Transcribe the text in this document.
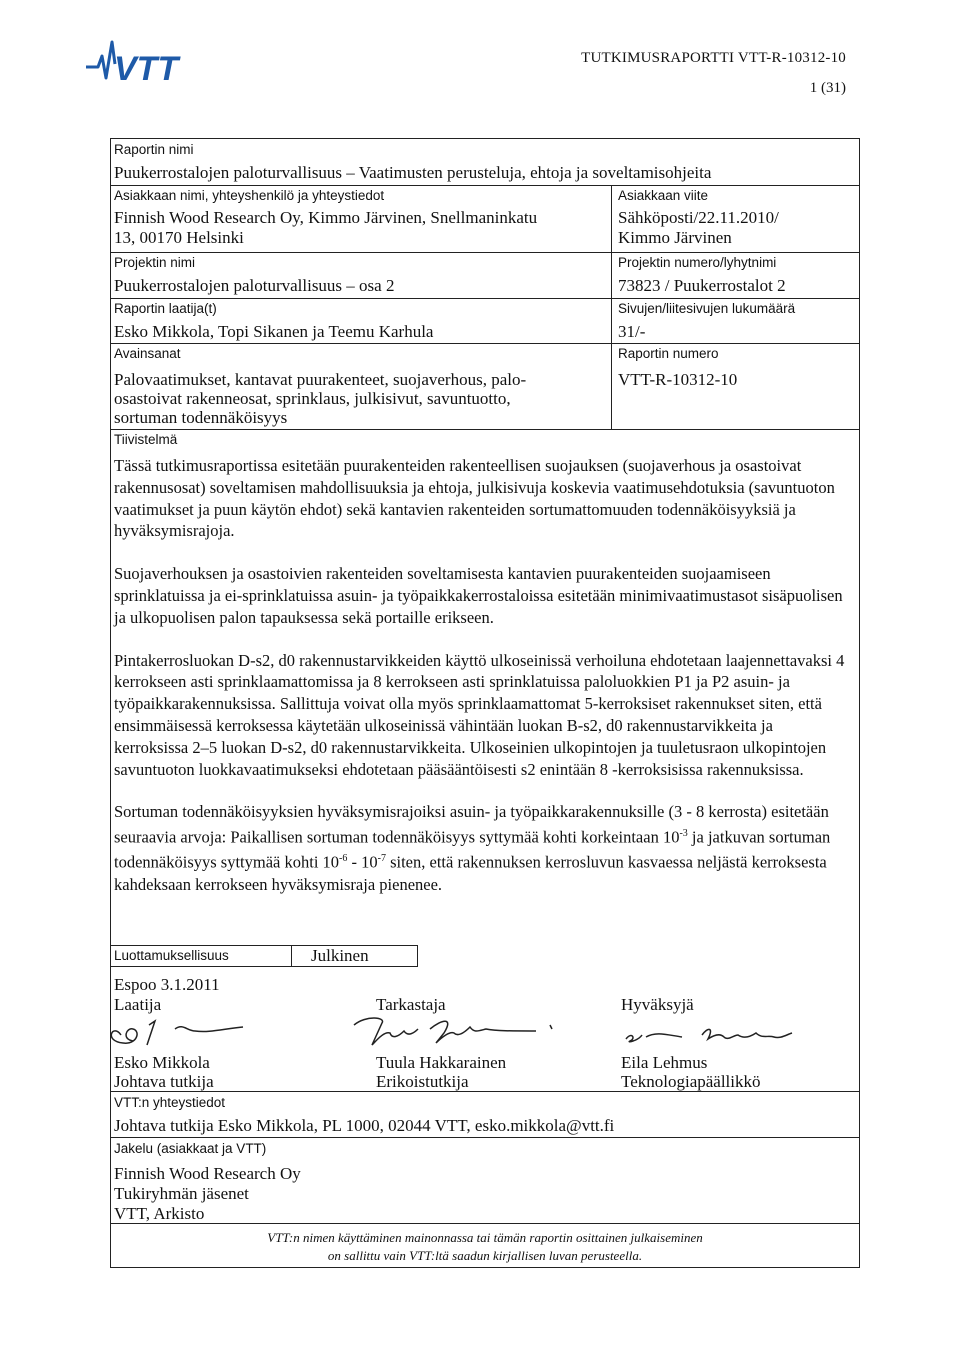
VTT	TUTKIMUSRAPORTTI VTT-R-10312-10
1 (31)
Raportin nimi
Puukerrostalojen paloturvallisuus – Vaatimusten perusteluja, ehtoja ja soveltamisohjeita
Asiakkaan nimi, yhteyshenkilö ja yhteystiedot
Finnish Wood Research Oy, Kimmo Järvinen, Snellmaninkatu
13, 00170 Helsinki
Asiakkaan viite
Sähköposti/22.11.2010/
Kimmo Järvinen
Projektin nimi
Puukerrostalojen paloturvallisuus – osa 2
Projektin numero/lyhytnimi
73823 / Puukerrostalot 2
Raportin laatija(t)
Esko Mikkola, Topi Sikanen ja Teemu Karhula
Sivujen/liitesivujen lukumäärä
31/-
Avainsanat
Palovaatimukset, kantavat puurakenteet, suojaverhous, palo-
osastoivat rakenneosat, sprinklaus, julkisivut, savuntuotto,
sortuman todennäköisyys
Raportin numero
VTT-R-10312-10
Tiivistelmä

Tässä tutkimusraportissa esitetään puurakenteiden rakenteellisen suojauksen (suojaverhous ja osastoivat rakennusosat) soveltamisen mahdollisuuksia ja ehtoja, julkisivuja koskevia vaatimusehdotuksia (savuntuoton vaatimukset ja puun käytön ehdot) sekä kantavien rakenteiden sortumattomuuden todennäköisyyksiä ja hyväksymisrajoja.

Suojaverhouksen ja osastoivien rakenteiden soveltamisesta kantavien puurakenteiden suojaamiseen sprinklatuissa ja ei-sprinklatuissa asuin- ja työpaikkakerrostaloissa esitetään minimivaatimustasot sisäpuolisen ja ulkopuolisen palon tapauksessa sekä portaille erikseen.

Pintakerrosluokan D-s2, d0 rakennustarvikkeiden käyttö ulkoseinissä verhoiluna ehdotetaan laajennettavaksi 4 kerrokseen asti sprinklaamattomissa ja 8 kerrokseen asti sprinklatuissa paloluokkien P1 ja P2 asuin- ja työpaikkarakennuksissa. Sallittuja voivat olla myös sprinklaamattomat 5-kerroksiset rakennukset siten, että ensimmäisessä kerroksessa käytetään ulkoseinissä vähintään luokan B-s2, d0 rakennustarvikkeita ja kerroksissa 2–5 luokan D-s2, d0 rakennustarvikkeita. Ulkoseinien ulkopintojen ja tuuletusraon ulkopintojen savuntuoton luokkavaatimukseksi ehdotetaan pääsääntöisesti s2 enintään 8 -kerroksisissa rakennuksissa.

Sortuman todennäköisyyksien hyväksymisrajoiksi asuin- ja työpaikkarakennuksille (3 - 8 kerrosta) esitetään seuraavia arvoja: Paikallisen sortuman todennäköisyys syttymää kohti korkeintaan $10^{-3}$ ja jatkuvan sortuman todennäköisyys syttymää kohti $10^{-6} - 10^{-7}$ siten, että rakennuksen kerrosluvun kasvaessa neljästä kerroksesta kahdeksaan kerrokseen hyväksymisraja pienenee.

Luottamuksellisuus	Julkinen
Espoo 3.1.2011
Laatija	Tarkastaja	Hyväksyjä
Esko Mikkola	Tuula Hakkarainen	Eila Lehmus
Johtava tutkija	Erikoistutkija	Teknologiapäällikkö
VTT:n yhteystiedot
Johtava tutkija Esko Mikkola, PL 1000, 02044 VTT, esko.mikkola@vtt.fi
Jakelu (asiakkaat ja VTT)
Finnish Wood Research Oy
Tukiryhmän jäsenet
VTT, Arkisto
VTT:n nimen käyttäminen mainonnassa tai tämän raportin osittainen julkaiseminen
on sallittu vain VTT:ltä saadun kirjallisen luvan perusteella.
